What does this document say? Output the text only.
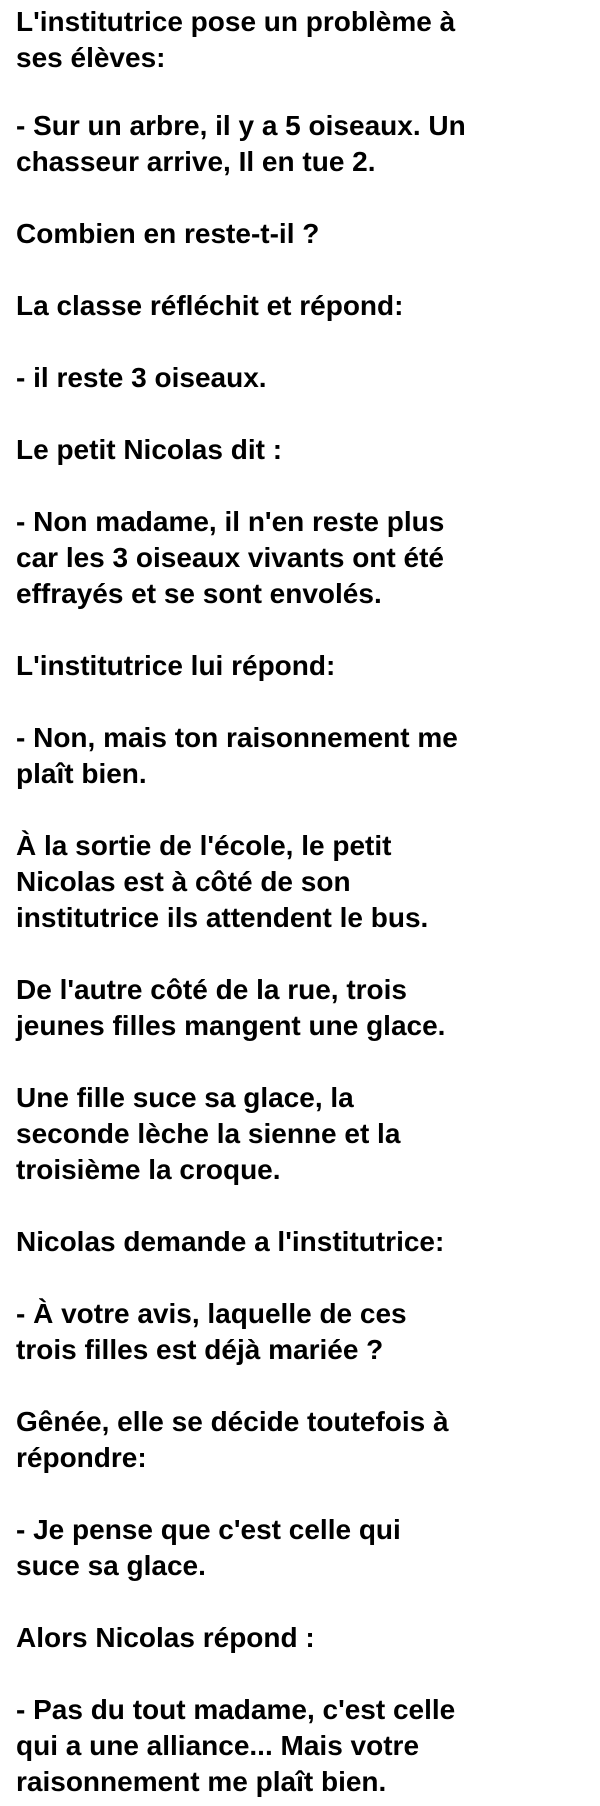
L'institutrice pose un problème à
ses élèves:

- Sur un arbre, il y a 5 oiseaux. Un
chasseur arrive, Il en tue 2.

Combien en reste-t-il ?

La classe réfléchit et répond:

- il reste 3 oiseaux.

Le petit Nicolas dit :

- Non madame, il n'en reste plus
car les 3 oiseaux vivants ont été
effrayés et se sont envolés.

L'institutrice lui répond:

- Non, mais ton raisonnement me
plaît bien.

À la sortie de l'école, le petit
Nicolas est à côté de son
institutrice ils attendent le bus.

De l'autre côté de la rue, trois
jeunes filles mangent une glace.

Une fille suce sa glace, la
seconde lèche la sienne et la
troisième la croque.

Nicolas demande a l'institutrice:

- À votre avis, laquelle de ces
trois filles est déjà mariée ?

Gênée, elle se décide toutefois à
répondre:

- Je pense que c'est celle qui
suce sa glace.

Alors Nicolas répond :

- Pas du tout madame, c'est celle
qui a une alliance... Mais votre
raisonnement me plaît bien.
